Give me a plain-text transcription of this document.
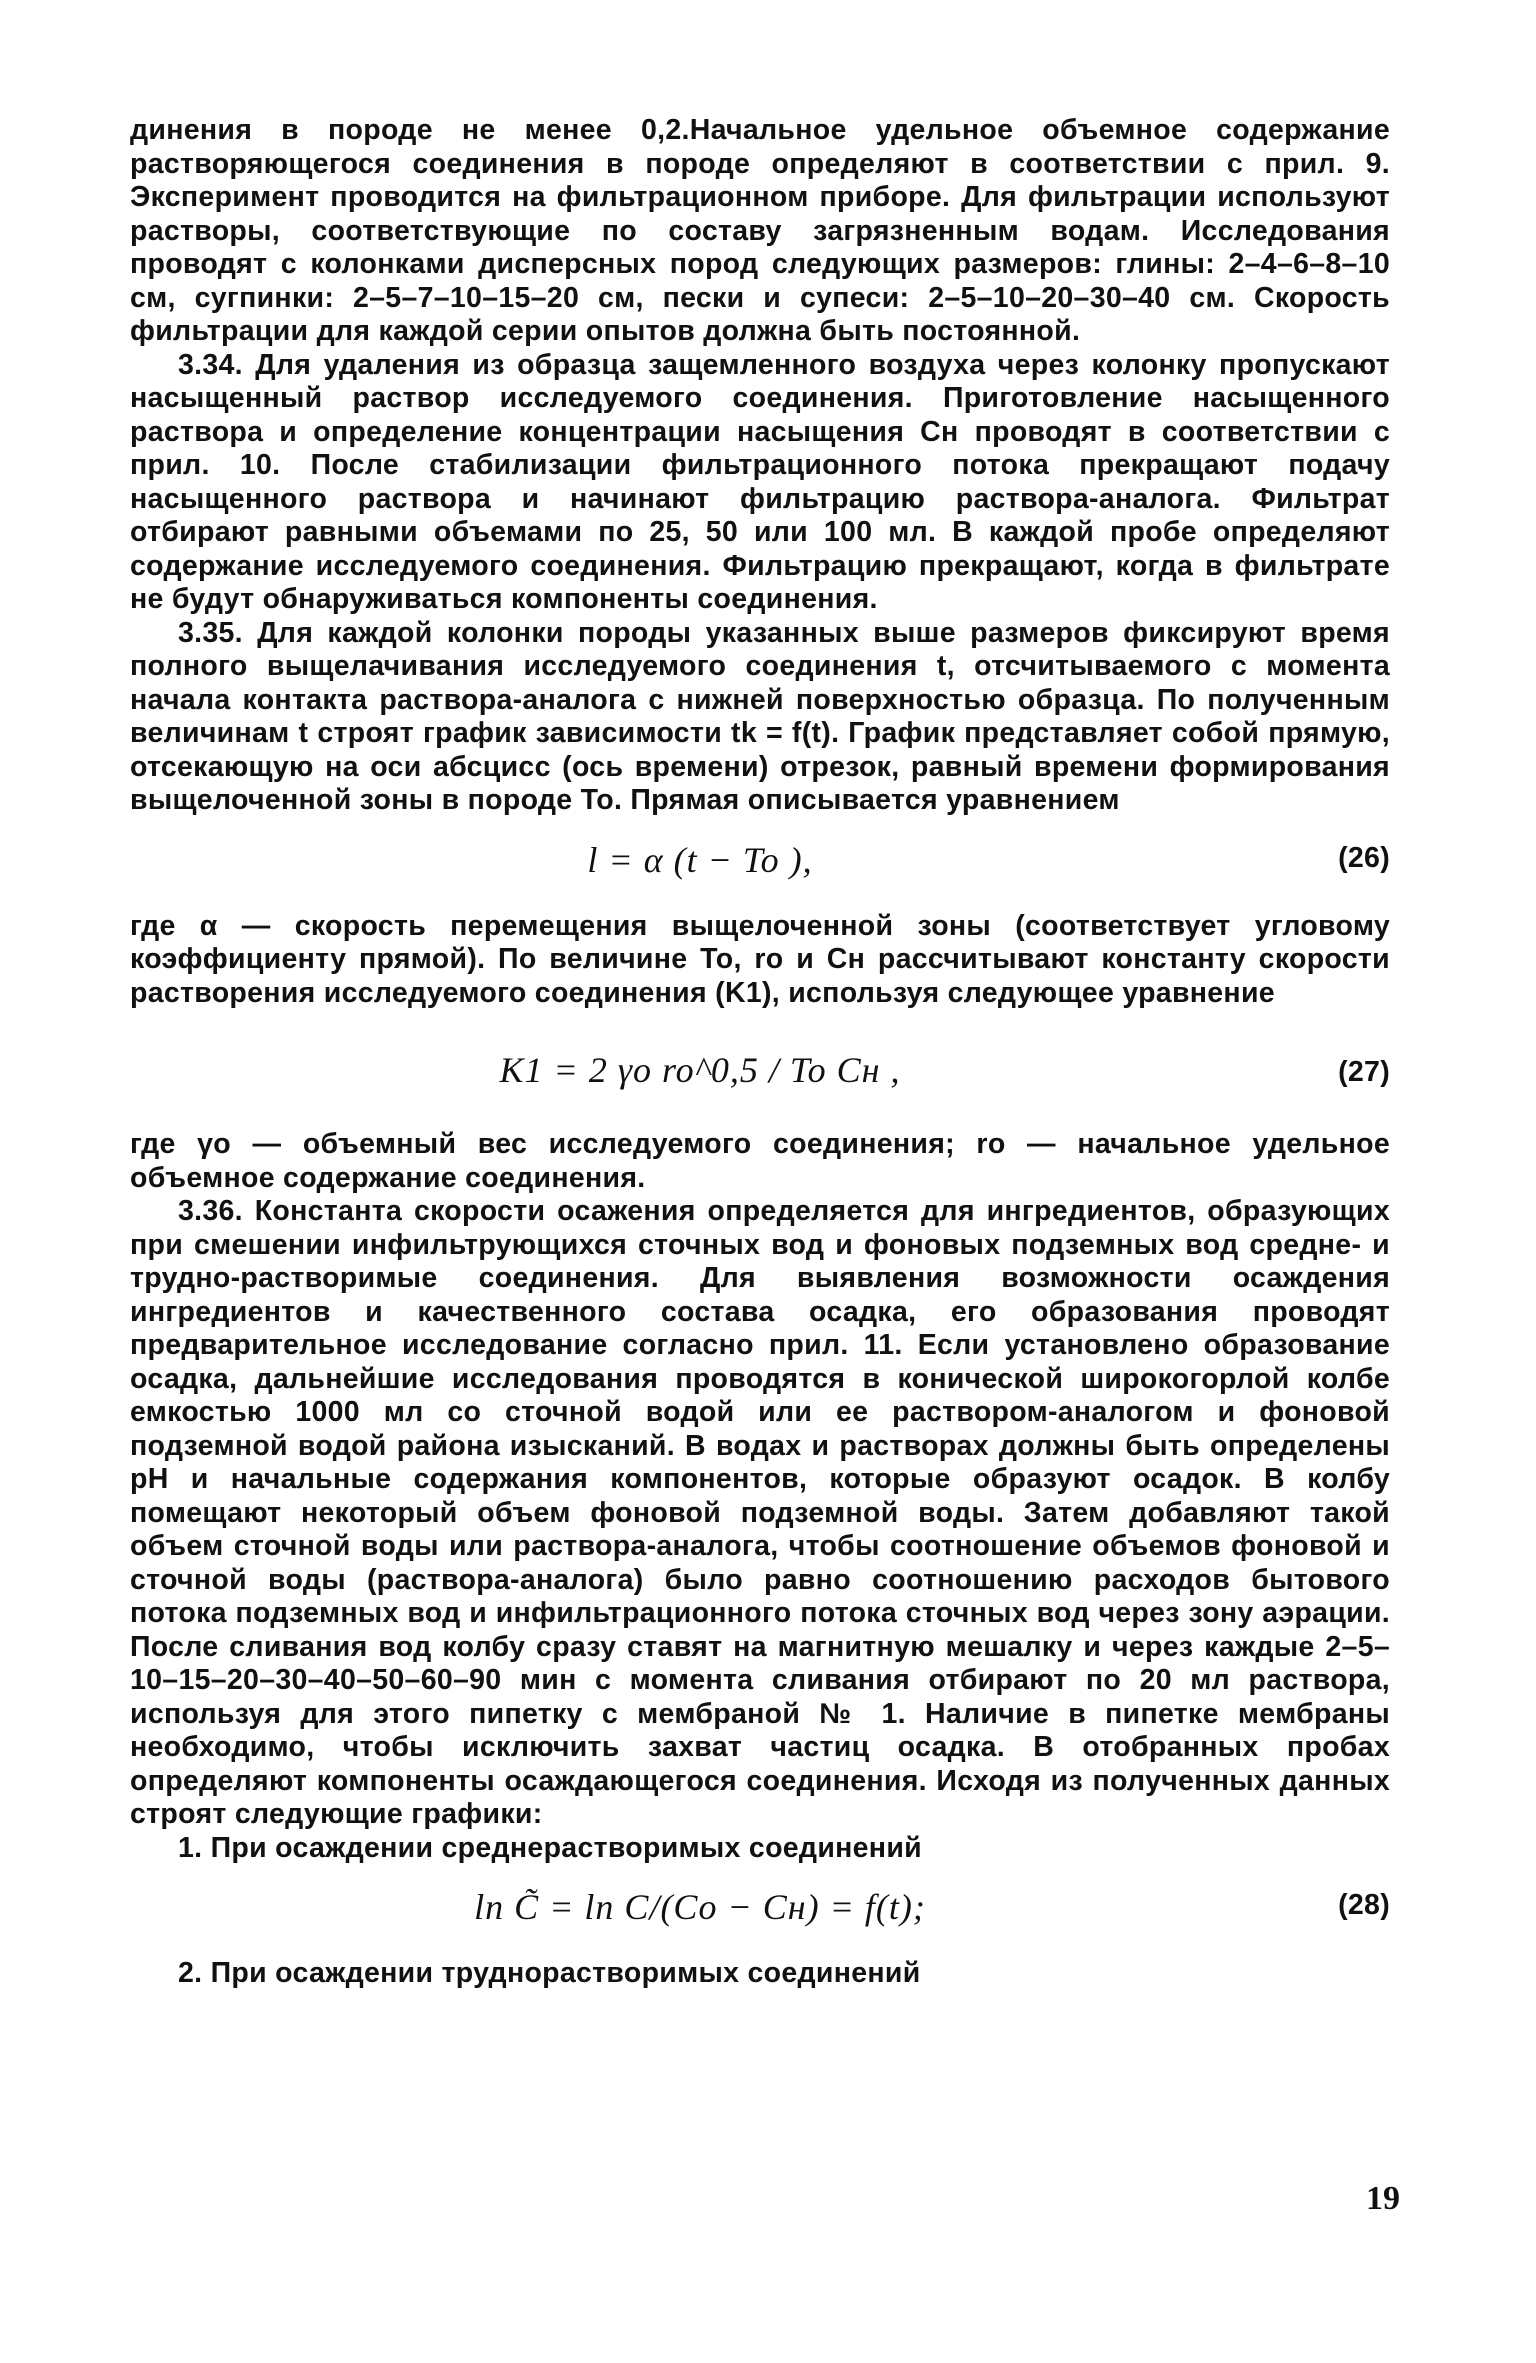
динения в породе не менее 0,2.Начальное удельное объемное содержание растворяющегося соединения в породе определяют в соответствии с прил. 9. Эксперимент проводится на фильтрационном приборе. Для фильтрации используют растворы, соответствующие по составу загрязненным водам. Исследования проводят с колонками дисперсных пород следующих размеров: глины: 2–4–6–8–10 см, сугпинки: 2–5–7–10–15–20 см, пески и супеси: 2–5–10–20–30–40 см. Скорость фильтрации для каждой серии опытов должна быть постоянной.

3.34. Для удаления из образца защемленного воздуха через колонку пропускают насыщенный раствор исследуемого соединения. Приготовление насыщенного раствора и определение концентрации насыщения Cн проводят в соответствии с прил. 10. После стабилизации фильтрационного потока прекращают подачу насыщенного раствора и начинают фильтрацию раствора-аналога. Фильтрат отбирают равными объемами по 25, 50 или 100 мл. В каждой пробе определяют содержание исследуемого соединения. Фильтрацию прекращают, когда в фильтрате не будут обнаруживаться компоненты соединения.

3.35. Для каждой колонки породы указанных выше размеров фиксируют время полного выщелачивания исследуемого соединения t, отсчитываемого с момента начала контакта раствора-аналога с нижней поверхностью образца. По полученным величинам t строят график зависимости tk = f(t). График представляет собой прямую, отсекающую на оси абсцисс (ось времени) отрезок, равный времени формирования выщелоченной зоны в породе To. Прямая описывается уравнением

l = α (t − To ),	(26)

где α — скорость перемещения выщелоченной зоны (соответствует угловому коэффициенту прямой). По величине To, ro и Cн рассчитывают константу скорости растворения исследуемого соединения (K1), используя следующее уравнение

K1 = 2 γo ro^0,5 / To Cн ,	(27)

где γo — объемный вес исследуемого соединения; ro — начальное удельное объемное содержание соединения.

3.36. Константа скорости осажения определяется для ингредиентов, образующих при смешении инфильтрующихся сточных вод и фоновых подземных вод средне- и трудно-растворимые соединения. Для выявления возможности осаждения ингредиентов и качественного состава осадка, его образования проводят предварительное исследование согласно прил. 11. Если установлено образование осадка, дальнейшие исследования проводятся в конической широкогорлой колбе емкостью 1000 мл со сточной водой или ее раствором-аналогом и фоновой подземной водой района изысканий. В водах и растворах должны быть определены pH и начальные содержания компонентов, которые образуют осадок. В колбу помещают некоторый объем фоновой подземной воды. Затем добавляют такой объем сточной воды или раствора-аналога, чтобы соотношение объемов фоновой и сточной воды (раствора-аналога) было равно соотношению расходов бытового потока подземных вод и инфильтрационного потока сточных вод через зону аэрации. После сливания вод колбу сразу ставят на магнитную мешалку и через каждые 2–5–10–15–20–30–40–50–60–90 мин с момента сливания отбирают по 20 мл раствора, используя для этого пипетку с мембраной № 1. Наличие в пипетке мембраны необходимо, чтобы исключить захват частиц осадка. В отобранных пробах определяют компоненты осаждающегося соединения. Исходя из полученных данных строят следующие графики:

1. При осаждении среднерастворимых соединений

ln C̃ = ln C/(Co − Cн) = f(t);	(28)

2. При осаждении труднорастворимых соединений

19
